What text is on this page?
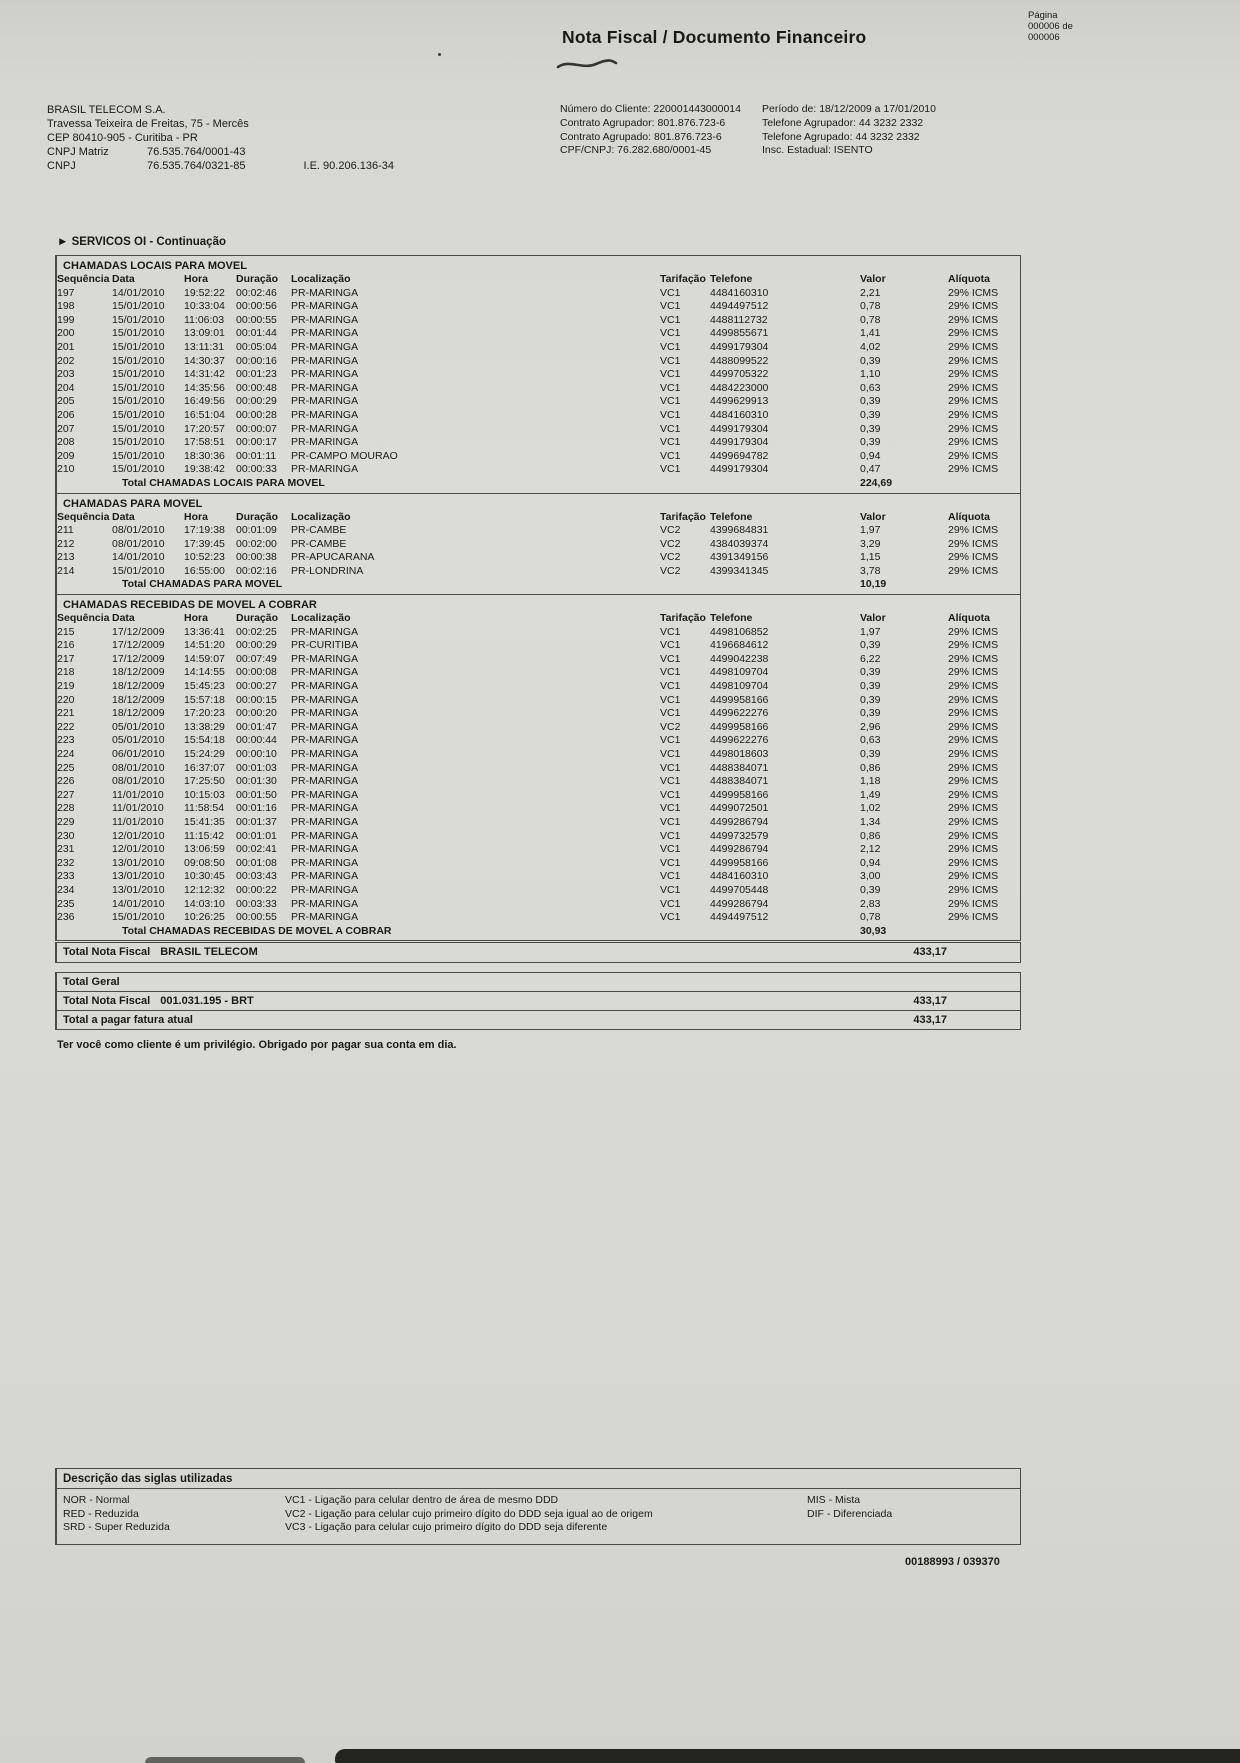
Nota Fiscal / Documento Financeiro
Página
000006 de
000006
BRASIL TELECOM S.A.
Travessa Teixeira de Freitas, 75 - Mercês
CEP 80410-905 - Curitiba - PR
CNPJ Matriz	76.535.764/0001-43
CNPJ	76.535.764/0321-85	I.E. 90.206.136-34
Número do Cliente: 220001443000014
Contrato Agrupador: 801.876.723-6
Contrato Agrupado: 801.876.723-6
CPF/CNPJ: 76.282.680/0001-45
Período de: 18/12/2009 a 17/01/2010
Telefone Agrupador: 44 3232 2332
Telefone Agrupado: 44 3232 2332
Insc. Estadual: ISENTO
► SERVICOS OI - Continuação
CHAMADAS LOCAIS PARA MOVEL
Sequência	Data	Hora	Duração	Localização	Tarifação	Telefone	Valor	Alíquota
197	14/01/2010	19:52:22	00:02:46	PR-MARINGA	VC1	4484160310	2,21	29% ICMS
198	15/01/2010	10:33:04	00:00:56	PR-MARINGA	VC1	4494497512	0,78	29% ICMS
199	15/01/2010	11:06:03	00:00:55	PR-MARINGA	VC1	4488112732	0,78	29% ICMS
200	15/01/2010	13:09:01	00:01:44	PR-MARINGA	VC1	4499855671	1,41	29% ICMS
201	15/01/2010	13:11:31	00:05:04	PR-MARINGA	VC1	4499179304	4,02	29% ICMS
202	15/01/2010	14:30:37	00:00:16	PR-MARINGA	VC1	4488099522	0,39	29% ICMS
203	15/01/2010	14:31:42	00:01:23	PR-MARINGA	VC1	4499705322	1,10	29% ICMS
204	15/01/2010	14:35:56	00:00:48	PR-MARINGA	VC1	4484223000	0,63	29% ICMS
205	15/01/2010	16:49:56	00:00:29	PR-MARINGA	VC1	4499629913	0,39	29% ICMS
206	15/01/2010	16:51:04	00:00:28	PR-MARINGA	VC1	4484160310	0,39	29% ICMS
207	15/01/2010	17:20:57	00:00:07	PR-MARINGA	VC1	4499179304	0,39	29% ICMS
208	15/01/2010	17:58:51	00:00:17	PR-MARINGA	VC1	4499179304	0,39	29% ICMS
209	15/01/2010	18:30:36	00:01:11	PR-CAMPO MOURAO	VC1	4499694782	0,94	29% ICMS
210	15/01/2010	19:38:42	00:00:33	PR-MARINGA	VC1	4499179304	0,47	29% ICMS
	Total CHAMADAS LOCAIS PARA MOVEL						224,69	
CHAMADAS PARA MOVEL
Sequência	Data	Hora	Duração	Localização	Tarifação	Telefone	Valor	Alíquota
211	08/01/2010	17:19:38	00:01:09	PR-CAMBE	VC2	4399684831	1,97	29% ICMS
212	08/01/2010	17:39:45	00:02:00	PR-CAMBE	VC2	4384039374	3,29	29% ICMS
213	14/01/2010	10:52:23	00:00:38	PR-APUCARANA	VC2	4391349156	1,15	29% ICMS
214	15/01/2010	16:55:00	00:02:16	PR-LONDRINA	VC2	4399341345	3,78	29% ICMS
	Total CHAMADAS PARA MOVEL						10,19	
CHAMADAS RECEBIDAS DE MOVEL A COBRAR
Sequência	Data	Hora	Duração	Localização	Tarifação	Telefone	Valor	Alíquota
215	17/12/2009	13:36:41	00:02:25	PR-MARINGA	VC1	4498106852	1,97	29% ICMS
216	17/12/2009	14:51:20	00:00:29	PR-CURITIBA	VC1	4196684612	0,39	29% ICMS
217	17/12/2009	14:59:07	00:07:49	PR-MARINGA	VC1	4499042238	6,22	29% ICMS
218	18/12/2009	14:14:55	00:00:08	PR-MARINGA	VC1	4498109704	0,39	29% ICMS
219	18/12/2009	15:45:23	00:00:27	PR-MARINGA	VC1	4498109704	0,39	29% ICMS
220	18/12/2009	15:57:18	00:00:15	PR-MARINGA	VC1	4499958166	0,39	29% ICMS
221	18/12/2009	17:20:23	00:00:20	PR-MARINGA	VC1	4499622276	0,39	29% ICMS
222	05/01/2010	13:38:29	00:01:47	PR-MARINGA	VC2	4499958166	2,96	29% ICMS
223	05/01/2010	15:54:18	00:00:44	PR-MARINGA	VC1	4499622276	0,63	29% ICMS
224	06/01/2010	15:24:29	00:00:10	PR-MARINGA	VC1	4498018603	0,39	29% ICMS
225	08/01/2010	16:37:07	00:01:03	PR-MARINGA	VC1	4488384071	0,86	29% ICMS
226	08/01/2010	17:25:50	00:01:30	PR-MARINGA	VC1	4488384071	1,18	29% ICMS
227	11/01/2010	10:15:03	00:01:50	PR-MARINGA	VC1	4499958166	1,49	29% ICMS
228	11/01/2010	11:58:54	00:01:16	PR-MARINGA	VC1	4499072501	1,02	29% ICMS
229	11/01/2010	15:41:35	00:01:37	PR-MARINGA	VC1	4499286794	1,34	29% ICMS
230	12/01/2010	11:15:42	00:01:01	PR-MARINGA	VC1	4499732579	0,86	29% ICMS
231	12/01/2010	13:06:59	00:02:41	PR-MARINGA	VC1	4499286794	2,12	29% ICMS
232	13/01/2010	09:08:50	00:01:08	PR-MARINGA	VC1	4499958166	0,94	29% ICMS
233	13/01/2010	10:30:45	00:03:43	PR-MARINGA	VC1	4484160310	3,00	29% ICMS
234	13/01/2010	12:12:32	00:00:22	PR-MARINGA	VC1	4499705448	0,39	29% ICMS
235	14/01/2010	14:03:10	00:03:33	PR-MARINGA	VC1	4499286794	2,83	29% ICMS
236	15/01/2010	10:26:25	00:00:55	PR-MARINGA	VC1	4494497512	0,78	29% ICMS
	Total CHAMADAS RECEBIDAS DE MOVEL A COBRAR						30,93	
Total Nota Fiscal BRASIL TELECOM	433,17
Total Geral
Total Nota Fiscal 001.031.195 - BRT	433,17
Total a pagar fatura atual	433,17
Ter você como cliente é um privilégio. Obrigado por pagar sua conta em dia.
Descrição das siglas utilizadas
NOR - Normal
RED - Reduzida
SRD - Super Reduzida
VC1 - Ligação para celular dentro de área de mesmo DDD
VC2 - Ligação para celular cujo primeiro dígito do DDD seja igual ao de origem
VC3 - Ligação para celular cujo primeiro dígito do DDD seja diferente
MIS - Mista
DIF - Diferenciada
00188993 / 039370
